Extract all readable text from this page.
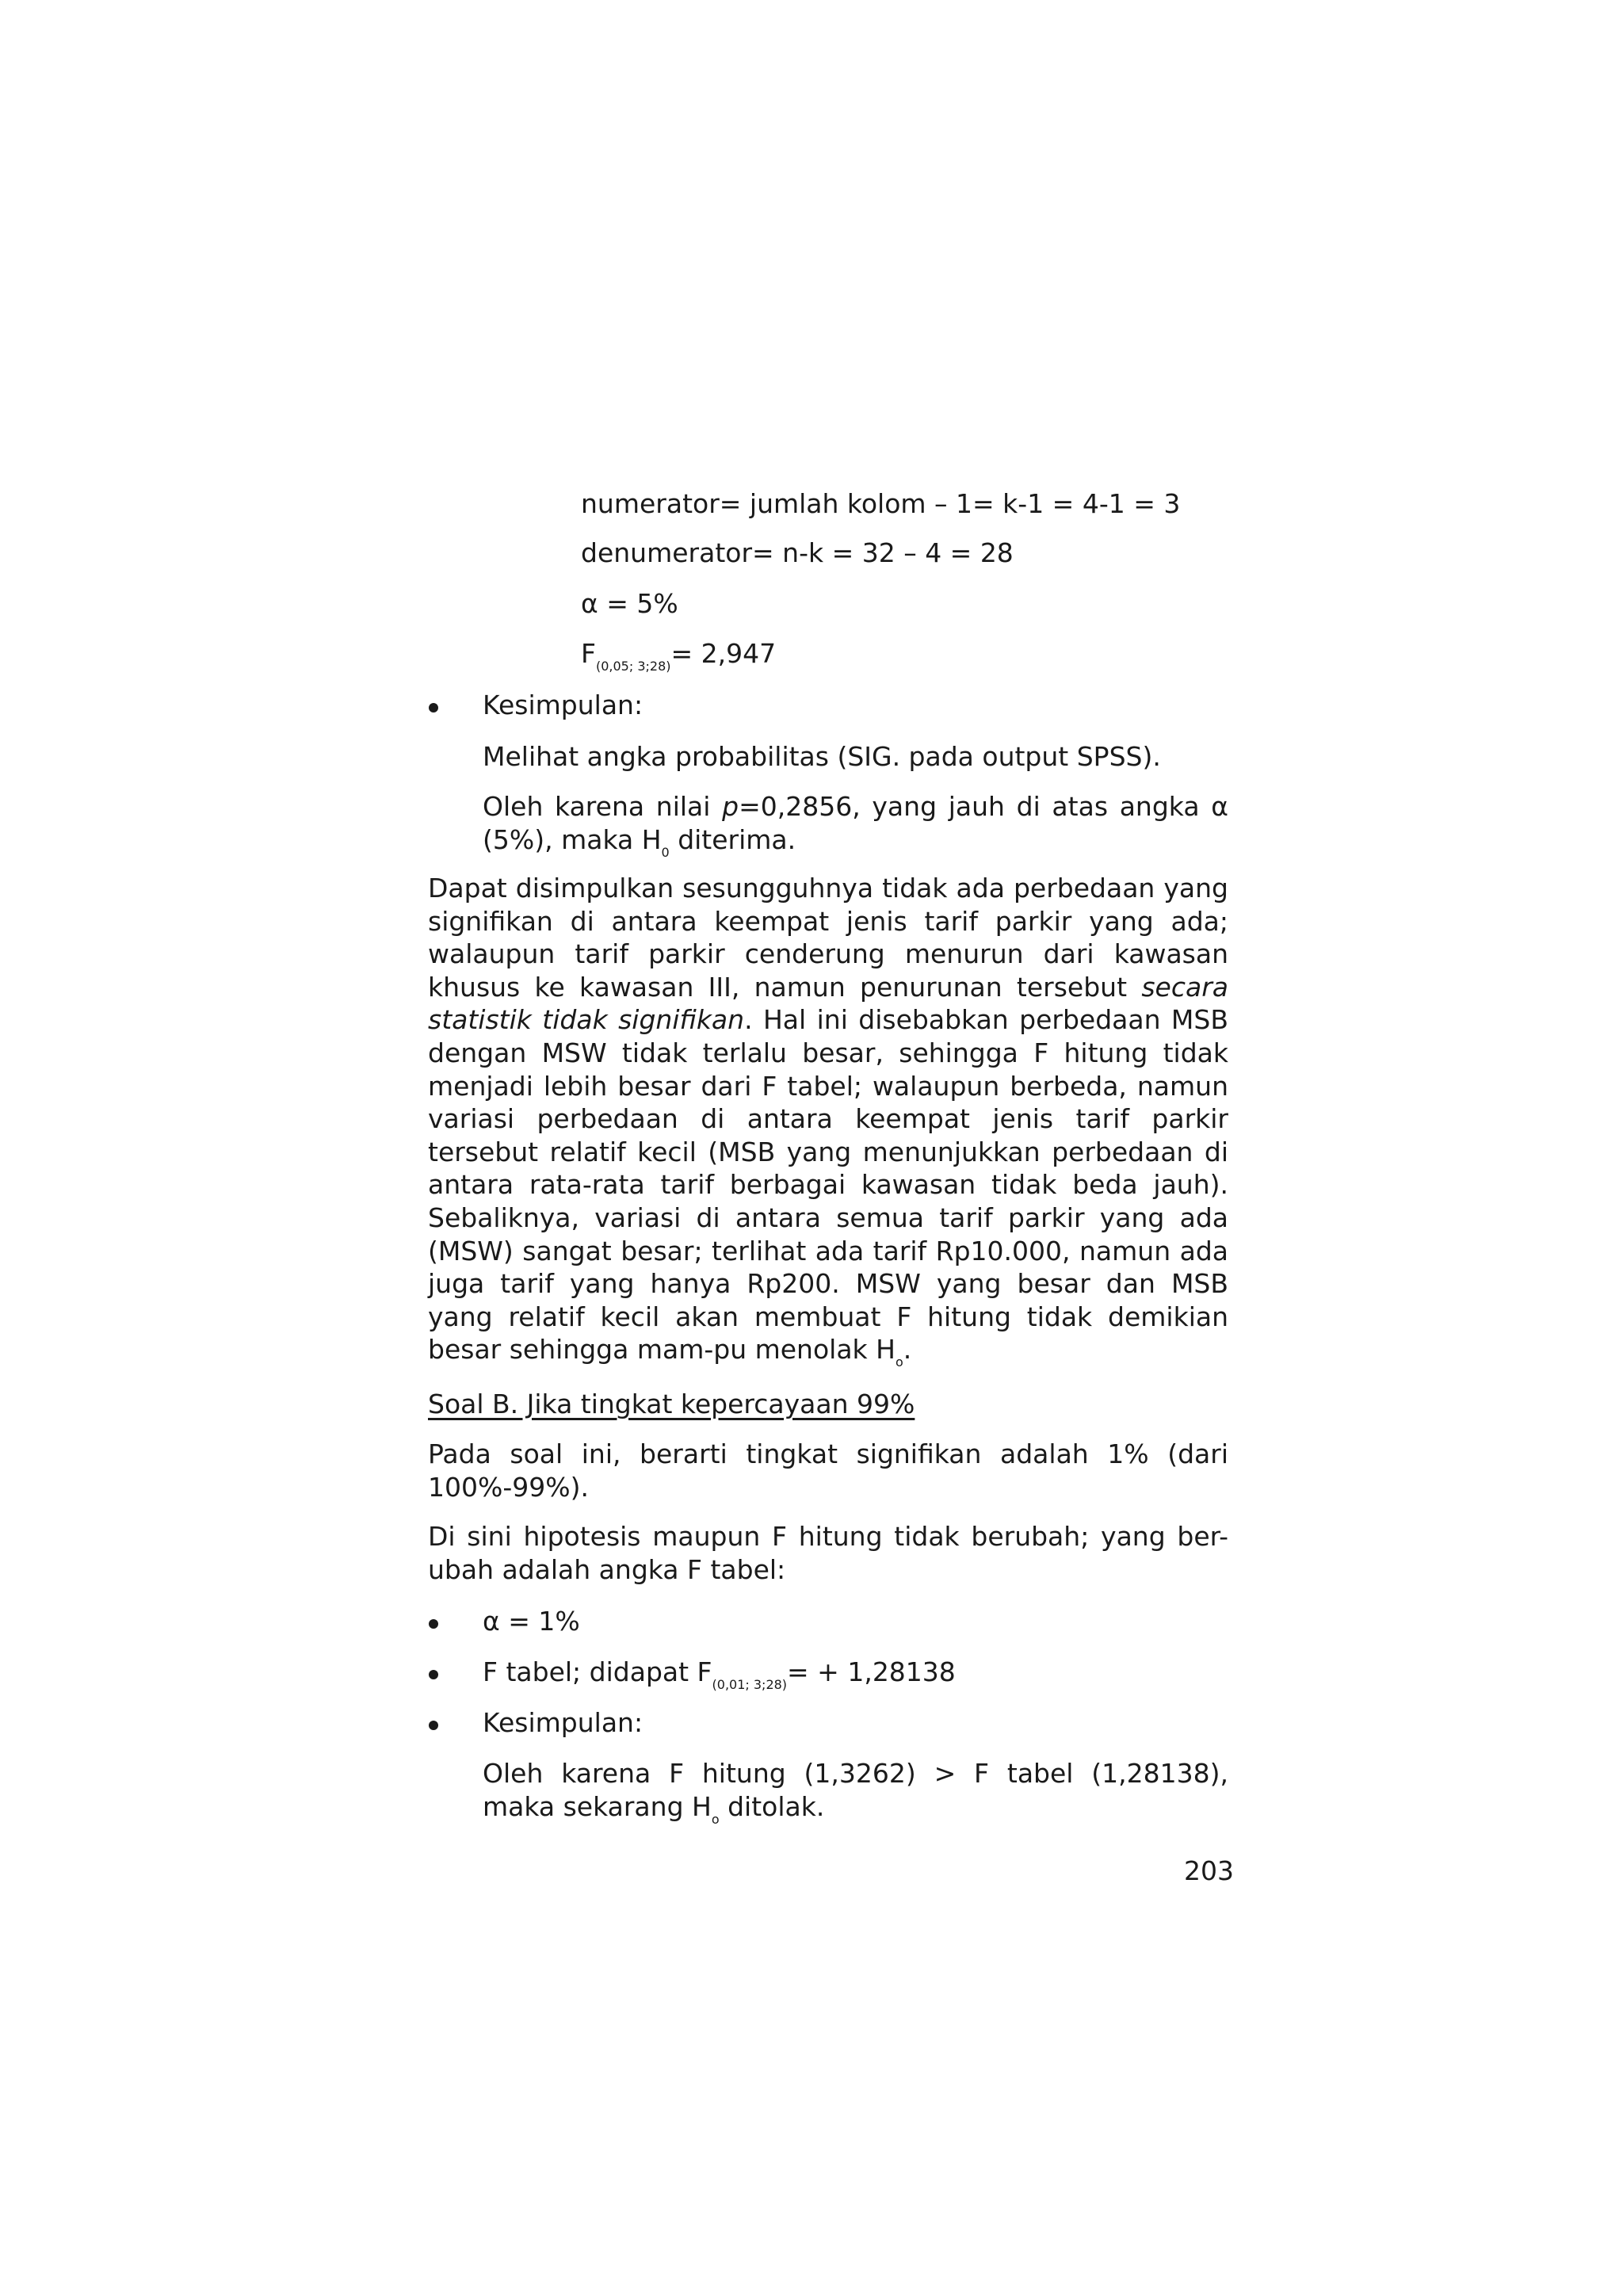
numerator= jumlah kolom – 1= k-1 = 4-1 = 3
denumerator= n-k = 32 – 4 = 28
α = 5%
$F_{(0,05; 3;28)}= 2,947$
Kesimpulan:
Melihat angka probabilitas (SIG. pada output SPSS).
Oleh karena nilai p=0,2856, yang jauh di atas angka α (5%), maka $H_0$ diterima.
Dapat disimpulkan sesungguhnya tidak ada perbedaan yang signifikan di antara keempat jenis tarif parkir yang ada; walaupun tarif parkir cenderung menurun dari kawasan khusus ke kawasan III, namun penurunan tersebut secara statistik tidak signifikan. Hal ini disebabkan perbedaan MSB dengan MSW tidak terlalu besar, sehingga F hitung tidak menjadi lebih besar dari F tabel; walaupun berbeda, namun variasi perbedaan di antara keempat jenis tarif parkir tersebut relatif kecil (MSB yang menunjukkan perbedaan di antara rata-rata tarif berbagai kawasan tidak beda jauh). Sebaliknya, variasi di antara semua tarif parkir yang ada (MSW) sangat besar; terlihat ada tarif Rp10.000, namun ada juga tarif yang hanya Rp200. MSW yang besar dan MSB yang relatif kecil akan membuat F hitung tidak demikian besar sehingga mam-pu menolak $H_o$.
Soal B. Jika tingkat kepercayaan 99%
Pada soal ini, berarti tingkat signifikan adalah 1% (dari 100%-99%).
Di sini hipotesis maupun F hitung tidak berubah; yang ber-ubah adalah angka F tabel:
α = 1%
F tabel; didapat $F_{(0,01; 3;28)}= + 1,28138$
Kesimpulan:
Oleh karena F hitung (1,3262) > F tabel (1,28138), maka sekarang $H_o$ ditolak.
203
